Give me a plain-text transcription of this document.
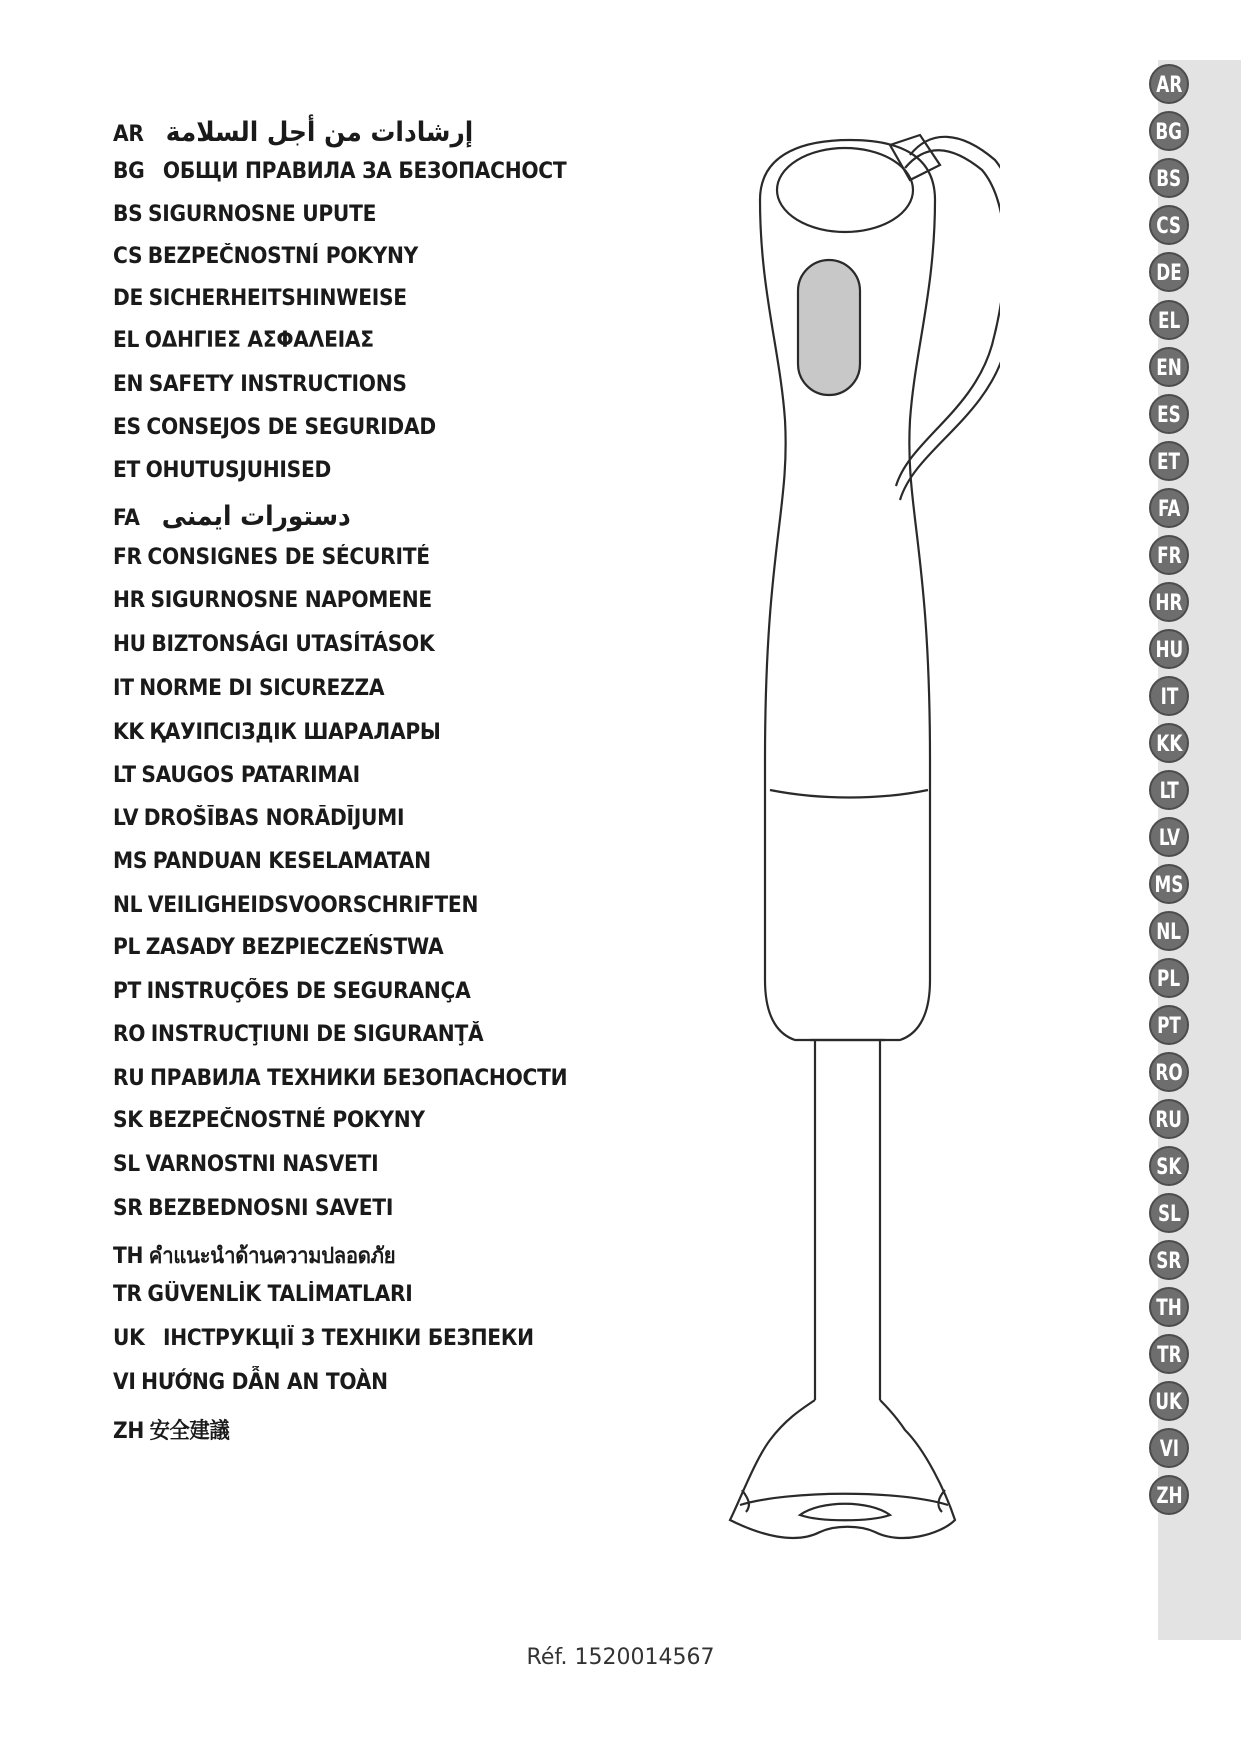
AR إرشادات من أجل السلامة
BG ОБЩИ ПРАВИЛА ЗА БЕЗОПАСНОСТ
BS SIGURNOSNE UPUTE
CS BEZPEČNOSTNÍ POKYNY
DE SICHERHEITSHINWEISE
EL ΟΔΗΓΙΕΣ ΑΣΦΑΛΕΙΑΣ
EN SAFETY INSTRUCTIONS
ES CONSEJOS DE SEGURIDAD
ET OHUTUSJUHISED
FA دستورات ایمنی
FR CONSIGNES DE SÉCURITÉ
HR SIGURNOSNE NAPOMENE
HU BIZTONSÁGI UTASÍTÁSOK
IT NORME DI SICUREZZA
KK ҚАУІПСІЗДІК ШАРАЛАРЫ
LT SAUGOS PATARIMAI
LV DROŠĪBAS NORĀDĪJUMI
MS PANDUAN KESELAMATAN
NL VEILIGHEIDSVOORSCHRIFTEN
PL ZASADY BEZPIECZEŃSTWA
PT INSTRUÇÕES DE SEGURANÇA
RO INSTRUCŢIUNI DE SIGURANŢĂ
RU ПРАВИЛА ТЕХНИКИ БЕЗОПАСНОСТИ
SK BEZPEČNOSTNÉ POKYNY
SL VARNOSTNI NASVETI
SR BEZBEDNOSNI SAVETI
TH คำแนะนำด้านความปลอดภัย
TR GÜVENLİK TALİMATLARI
UK ІНСТРУКЦІЇ З ТЕХНІКИ БЕЗПЕКИ
VI HƯỚNG DẪN AN TOÀN
ZH 安全建議
AR
BG
BS
CS
DE
EL
EN
ES
ET
FA
FR
HR
HU
IT
KK
LT
LV
MS
NL
PL
PT
RO
RU
SK
SL
SR
TH
TR
UK
VI
ZH
Réf. 1520014567
